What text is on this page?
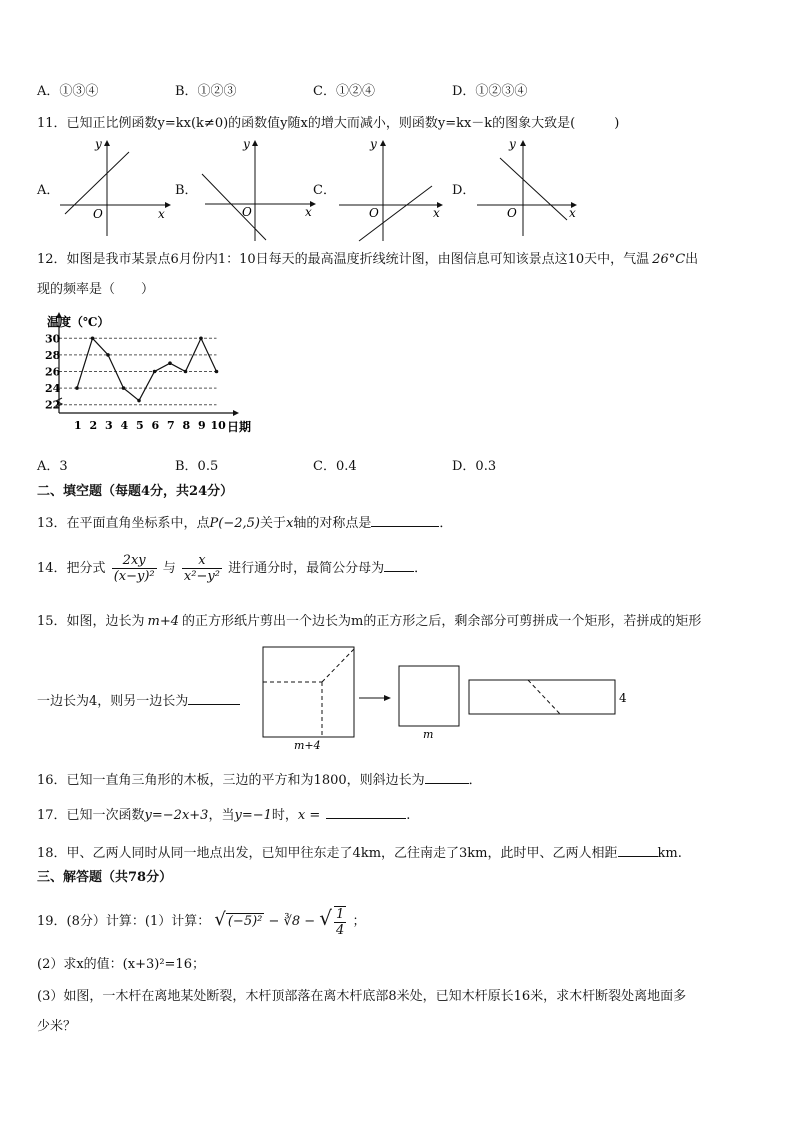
A．①③④	B．①②③	C．①②④	D．①②③④
11．已知正比例函数y=kx(k≠0)的函数值y随x的增大而减小，则函数y=kx－k的图象大致是(　　　)
A．	B．	C．	D．
y
x
O
y
x
O
y
x
O
y
x
O
12．如图是我市某景点6月份内1：10日每天的最高温度折线统计图，由图信息可知该景点这10天中，气温 26°C出
现的频率是（　　）
22
24
26
28
30
1 2 3 4 5 6 7 8 9 10
温度（℃）
日期
A．3	B．0.5	C．0.4	D．0.3
二、填空题（每题4分，共24分）
13．在平面直角坐标系中，点P(−2,5)关于x轴的对称点是	．
14．把分式 $\frac{2xy}{\text{(x−y)²}}$ 与 $\frac{x}{\text{x²−y²}}$ 进行通分时，最简公分母为 ．
15．如图，边长为 m+4 的正方形纸片剪出一个边长为m的正方形之后，剩余部分可剪拼成一个矩形，若拼成的矩形
一边长为4，则另一边长为
m+4
m
4
16．已知一直角三角形的木板，三边的平方和为1800，则斜边长为	．
17．已知一次函数y=−2x+3，当y=−1时，x =	.
18．甲、乙两人同时从同一地点出发，已知甲往东走了4km，乙往南走了3km，此时甲、乙两人相距	km.
三、解答题（共78分）
19．(8分）计算：(1）计算： √ (−5)² − ∛8 − √ $\frac{1}{4}$ ；
(2）求x的值：(x+3)²=16；
(3）如图，一木杆在离地某处断裂，木杆顶部落在离木杆底部8米处，已知木杆原长16米，求木杆断裂处离地面多
少米？
